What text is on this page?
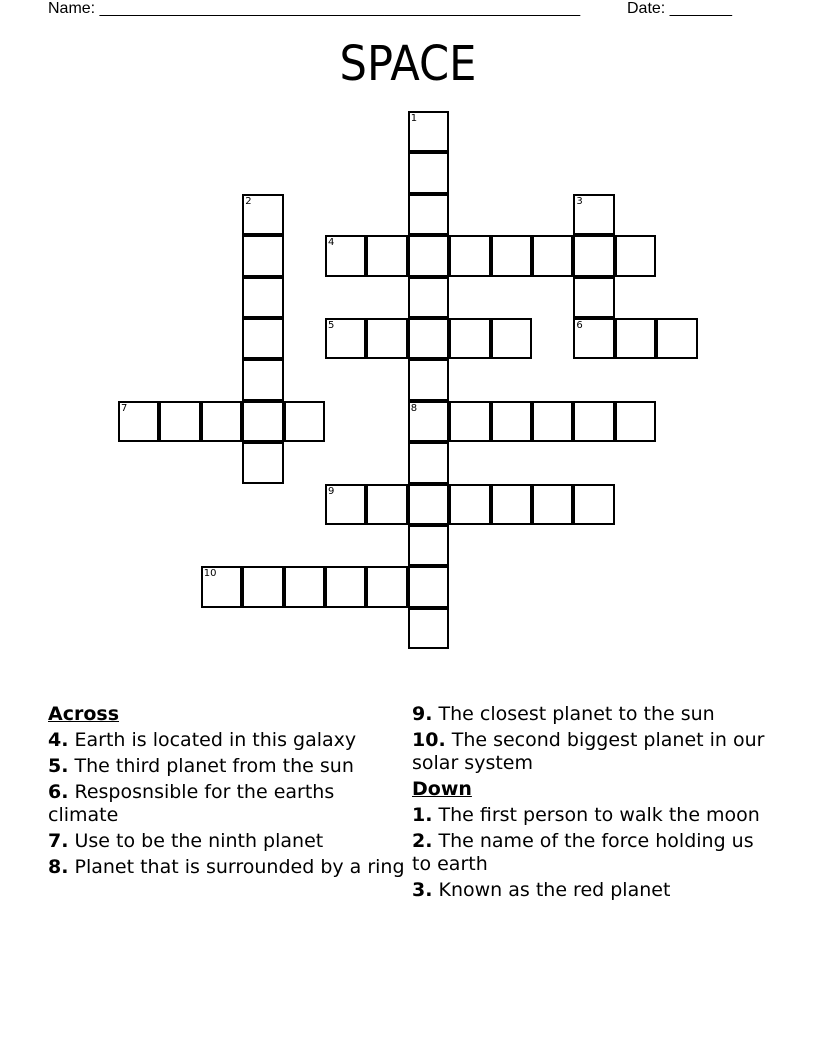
Name: ______________________________________________________	Date: _______
SPACE
1
8
2	3
6
4
5
7
9
10
Across
4. Earth is located in this galaxy
5. The third planet from the sun
6. Resposnsible for the earths climate
7. Use to be the ninth planet
8. Planet that is surrounded by a ring
9. The closest planet to the sun
10. The second biggest planet in our solar system
Down
1. The first person to walk the moon
2. The name of the force holding us to earth
3. Known as the red planet
